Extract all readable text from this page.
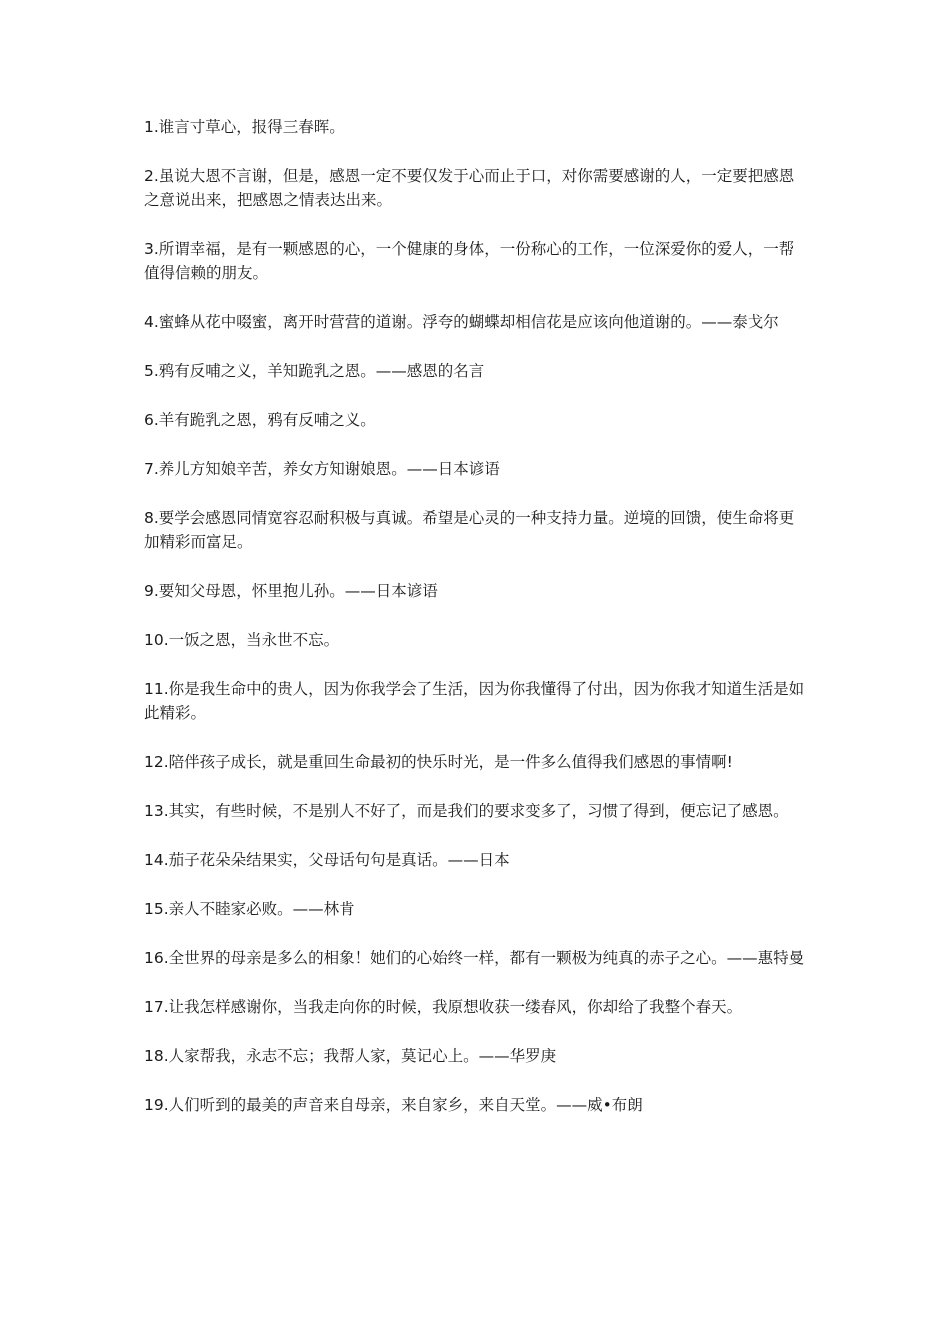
1.谁言寸草心，报得三春晖。
2.虽说大恩不言谢，但是，感恩一定不要仅发于心而止于口，对你需要感谢的人，一定要把感恩之意说出来，把感恩之情表达出来。
3.所谓幸福，是有一颗感恩的心，一个健康的身体，一份称心的工作，一位深爱你的爱人，一帮值得信赖的朋友。
4.蜜蜂从花中啜蜜，离开时营营的道谢。浮夸的蝴蝶却相信花是应该向他道谢的。——泰戈尔
5.鸦有反哺之义，羊知跪乳之恩。——感恩的名言
6.羊有跪乳之恩，鸦有反哺之义。
7.养儿方知娘辛苦，养女方知谢娘恩。——日本谚语
8.要学会感恩同情宽容忍耐积极与真诚。希望是心灵的一种支持力量。逆境的回馈，使生命将更加精彩而富足。
9.要知父母恩，怀里抱儿孙。——日本谚语
10.一饭之恩，当永世不忘。
11.你是我生命中的贵人，因为你我学会了生活，因为你我懂得了付出，因为你我才知道生活是如此精彩。
12.陪伴孩子成长，就是重回生命最初的快乐时光，是一件多么值得我们感恩的事情啊!
13.其实，有些时候，不是别人不好了，而是我们的要求变多了，习惯了得到，便忘记了感恩。
14.茄子花朵朵结果实，父母话句句是真话。——日本
15.亲人不睦家必败。——林肯
16.全世界的母亲是多么的相象！她们的心始终一样，都有一颗极为纯真的赤子之心。——惠特曼
17.让我怎样感谢你，当我走向你的时候，我原想收获一缕春风，你却给了我整个春天。
18.人家帮我，永志不忘；我帮人家，莫记心上。——华罗庚
19.人们听到的最美的声音来自母亲，来自家乡，来自天堂。——威•布朗
